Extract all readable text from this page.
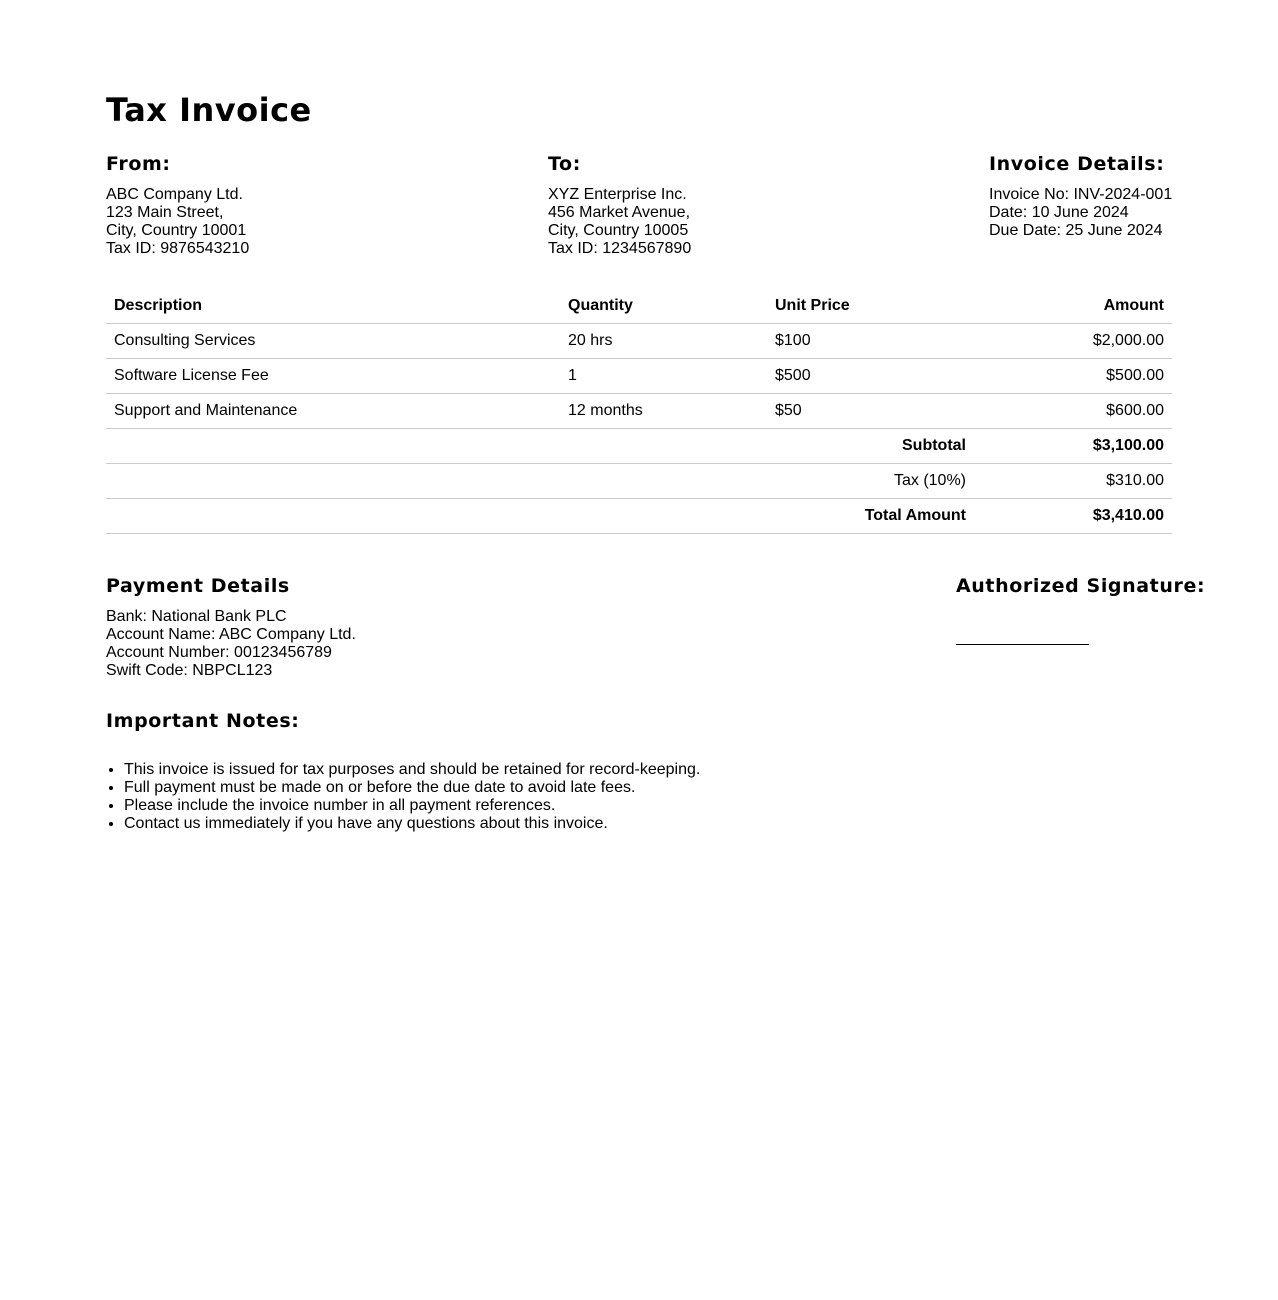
Tax Invoice
From:
ABC Company Ltd.
123 Main Street,
City, Country 10001
Tax ID: 9876543210
To:
XYZ Enterprise Inc.
456 Market Avenue,
City, Country 10005
Tax ID: 1234567890
Invoice Details:
Invoice No: INV-2024-001
Date: 10 June 2024
Due Date: 25 June 2024
Description	Quantity	Unit Price	Amount
Consulting Services	20 hrs	$100	$2,000.00
Software License Fee	1	$500	$500.00
Support and Maintenance	12 months	$50	$600.00
Subtotal			$3,100.00
Tax (10%)			$310.00
Total Amount			$3,410.00
Payment Details
Bank: National Bank PLC
Account Name: ABC Company Ltd.
Account Number: 00123456789
Swift Code: NBPCL123
Authorized Signature:
Important Notes:
• This invoice is issued for tax purposes and should be retained for record-keeping.
• Full payment must be made on or before the due date to avoid late fees.
• Please include the invoice number in all payment references.
• Contact us immediately if you have any questions about this invoice.
